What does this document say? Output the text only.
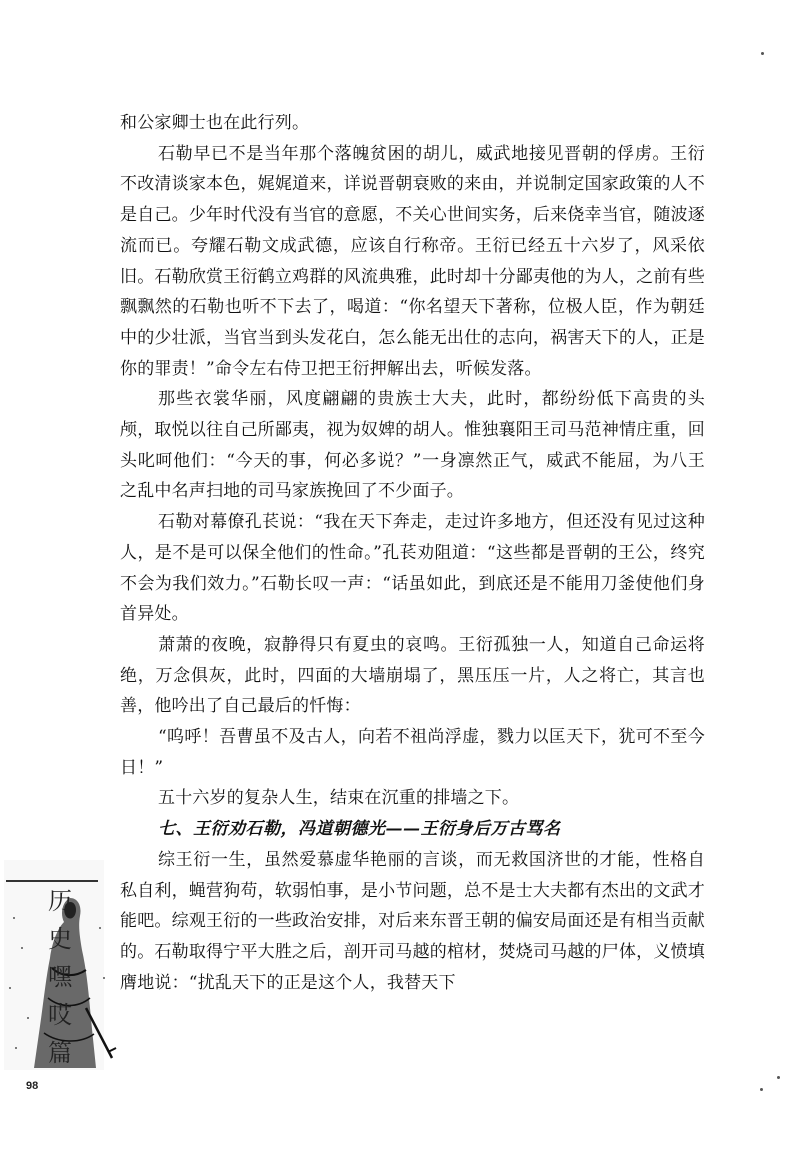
和公家卿士也在此行列。

石勒早已不是当年那个落魄贫困的胡儿，威武地接见晋朝的俘虏。王衍不改清谈家本色，娓娓道来，详说晋朝衰败的来由，并说制定国家政策的人不是自己。少年时代没有当官的意愿，不关心世间实务，后来侥幸当官，随波逐流而已。夸耀石勒文成武德，应该自行称帝。王衍已经五十六岁了，风采依旧。石勒欣赏王衍鹤立鸡群的风流典雅，此时却十分鄙夷他的为人，之前有些飘飘然的石勒也听不下去了，喝道：“你名望天下著称，位极人臣，作为朝廷中的少壮派，当官当到头发花白，怎么能无出仕的志向，祸害天下的人，正是你的罪责！”命令左右侍卫把王衍押解出去，听候发落。

那些衣裳华丽，风度翩翩的贵族士大夫，此时，都纷纷低下高贵的头颅，取悦以往自己所鄙夷，视为奴婢的胡人。惟独襄阳王司马范神情庄重，回头叱呵他们：“今天的事，何必多说？”一身凛然正气，威武不能屈，为八王之乱中名声扫地的司马家族挽回了不少面子。

石勒对幕僚孔苌说：“我在天下奔走，走过许多地方，但还没有见过这种人，是不是可以保全他们的性命。”孔苌劝阻道：“这些都是晋朝的王公，终究不会为我们效力。”石勒长叹一声：“话虽如此，到底还是不能用刀釜使他们身首异处。

萧萧的夜晚，寂静得只有夏虫的哀鸣。王衍孤独一人，知道自己命运将绝，万念俱灰，此时，四面的大墙崩塌了，黑压压一片，人之将亡，其言也善，他吟出了自己最后的忏悔：

“呜呼！吾曹虽不及古人，向若不祖尚浮虚，戮力以匡天下，犹可不至今日！”

五十六岁的复杂人生，结束在沉重的排墙之下。

七、王衍劝石勒，冯道朝德光——王衍身后万古骂名

综王衍一生，虽然爱慕虚华艳丽的言谈，而无救国济世的才能，性格自私自利，蝇营狗苟，软弱怕事，是小节问题，总不是士大夫都有杰出的文武才能吧。综观王衍的一些政治安排，对后来东晋王朝的偏安局面还是有相当贡献的。石勒取得宁平大胜之后，剖开司马越的棺材，焚烧司马越的尸体，义愤填膺地说：“扰乱天下的正是这个人，我替天下

历
史
嘿
哎
篇
98
